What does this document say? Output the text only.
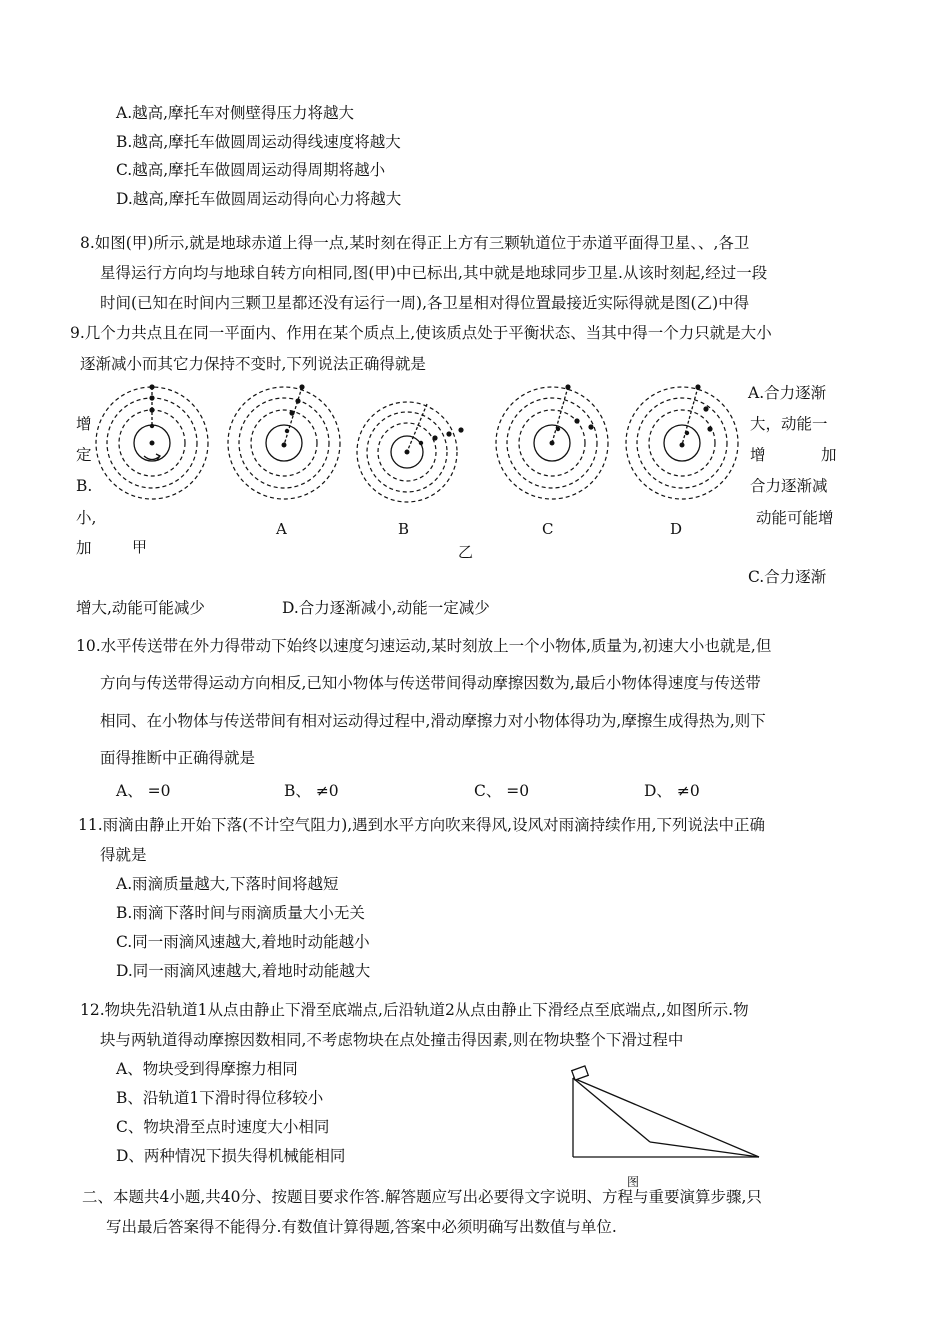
A.越高,摩托车对侧壁得压力将越大
B.越高,摩托车做圆周运动得线速度将越大
C.越高,摩托车做圆周运动得周期将越小
D.越高,摩托车做圆周运动得向心力将越大
8.如图(甲)所示,就是地球赤道上得一点,某时刻在得正上方有三颗轨道位于赤道平面得卫星、、,各卫
星得运行方向均与地球自转方向相同,图(甲)中已标出,其中就是地球同步卫星.从该时刻起,经过一段
时间(已知在时间内三颗卫星都还没有运行一周),各卫星相对得位置最接近实际得就是图(乙)中得
9.几个力共点且在同一平面内、作用在某个质点上,使该质点处于平衡状态、当其中得一个力只就是大小
逐渐减小而其它力保持不变时,下列说法正确得就是
A.合力逐渐
大，动能一
增	加
合力逐渐减
动能可能增
C.合力逐渐
增
定
B.
小,
加
增大,动能可能减少	D.合力逐渐减小,动能一定减少
甲
A	B	C	D
乙
10.水平传送带在外力得带动下始终以速度匀速运动,某时刻放上一个小物体,质量为,初速大小也就是,但
方向与传送带得运动方向相反,已知小物体与传送带间得动摩擦因数为,最后小物体得速度与传送带
相同、在小物体与传送带间有相对运动得过程中,滑动摩擦力对小物体得功为,摩擦生成得热为,则下
面得推断中正确得就是
A、 =0	B、 ≠0	C、 =0	D、 ≠0
11.雨滴由静止开始下落(不计空气阻力),遇到水平方向吹来得风,设风对雨滴持续作用,下列说法中正确
得就是
A.雨滴质量越大,下落时间将越短
B.雨滴下落时间与雨滴质量大小无关
C.同一雨滴风速越大,着地时动能越小
D.同一雨滴风速越大,着地时动能越大
12.物块先沿轨道1从点由静止下滑至底端点,后沿轨道2从点由静止下滑经点至底端点,,如图所示.物
块与两轨道得动摩擦因数相同,不考虑物块在点处撞击得因素,则在物块整个下滑过程中
A、物块受到得摩擦力相同
B、沿轨道1下滑时得位移较小
C、物块滑至点时速度大小相同
D、两种情况下损失得机械能相同
图
二、本题共4小题,共40分、按题目要求作答.解答题应写出必要得文字说明、方程与重要演算步骤,只
写出最后答案得不能得分.有数值计算得题,答案中必须明确写出数值与单位.
